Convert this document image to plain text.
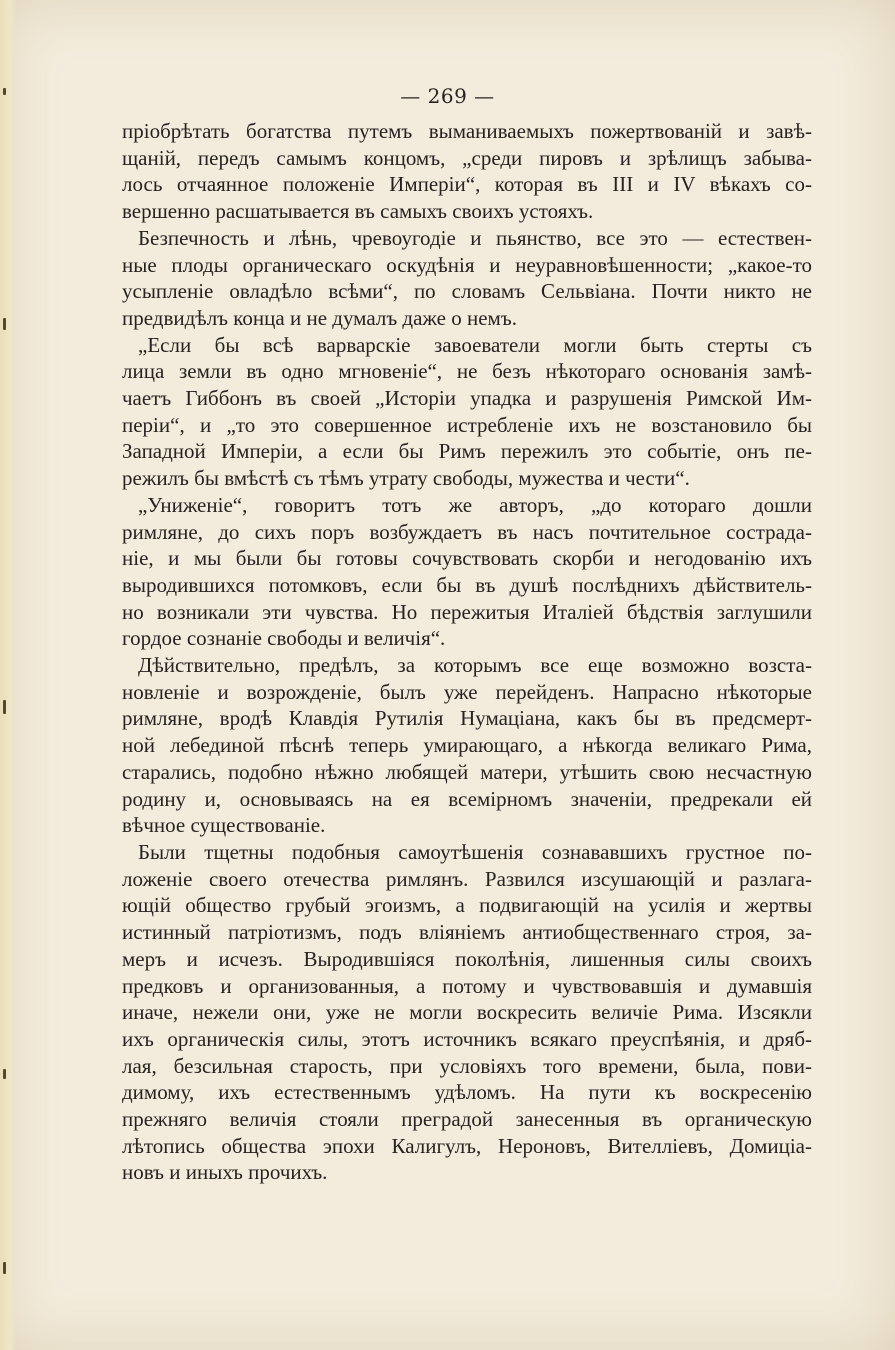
— 269 —
пріобрѣтать богатства путемъ выманиваемыхъ пожертвованій и завѣ-
щаній, передъ самымъ концомъ, „среди пировъ и зрѣлищъ забыва-
лось отчаянное положеніе Имперіи“, которая въ III и IV вѣкахъ со-
вершенно расшатывается въ самыхъ своихъ устояхъ.
Безпечность и лѣнь, чревоугодіе и пьянство, все это — естествен-
ные плоды органическаго оскудѣнія и неуравновѣшенности; „какое-то
усыпленіе овладѣло всѣми“, по словамъ Сельвіана. Почти никто не
предвидѣлъ конца и не думалъ даже о немъ.
„Если бы всѣ варварскіе завоеватели могли быть стерты съ
лица земли въ одно мгновеніе“, не безъ нѣкотораго основанія замѣ-
чаетъ Гиббонъ въ своей „Исторіи упадка и разрушенія Римской Им-
періи“, и „то это совершенное истребленіе ихъ не возстановило бы
Западной Имперіи, а если бы Римъ пережилъ это событіе, онъ пе-
режилъ бы вмѣстѣ съ тѣмъ утрату свободы, мужества и чести“.
„Униженіе“, говоритъ тотъ же авторъ, „до котораго дошли
римляне, до сихъ поръ возбуждаетъ въ насъ почтительное сострада-
ніе, и мы были бы готовы сочувствовать скорби и негодованію ихъ
выродившихся потомковъ, если бы въ душѣ послѣднихъ дѣйствитель-
но возникали эти чувства. Но пережитыя Италіей бѣдствія заглушили
гордое сознаніе свободы и величія“.
Дѣйствительно, предѣлъ, за которымъ все еще возможно возста-
новленіе и возрожденіе, былъ уже перейденъ. Напрасно нѣкоторые
римляне, вродѣ Клавдія Рутилія Нумаціана, какъ бы въ предсмерт-
ной лебединой пѣснѣ теперь умирающаго, а нѣкогда великаго Рима,
старались, подобно нѣжно любящей матери, утѣшить свою несчастную
родину и, основываясь на ея всемірномъ значеніи, предрекали ей
вѣчное существованіе.
Были тщетны подобныя самоутѣшенія сознававшихъ грустное по-
ложеніе своего отечества римлянъ. Развился изсушающій и разлага-
ющій общество грубый эгоизмъ, а подвигающій на усилія и жертвы
истинный патріотизмъ, подъ вліяніемъ антиобщественнаго строя, за-
меръ и исчезъ. Выродившіяся поколѣнія, лишенныя силы своихъ
предковъ и организованныя, а потому и чувствовавшія и думавшія
иначе, нежели они, уже не могли воскресить величіе Рима. Изсякли
ихъ органическія силы, этотъ источникъ всякаго преуспѣянія, и дряб-
лая, безсильная старость, при условіяхъ того времени, была, пови-
димому, ихъ естественнымъ удѣломъ. На пути къ воскресенію
прежняго величія стояли преградой занесенныя въ органическую
лѣтопись общества эпохи Калигулъ, Нероновъ, Вителліевъ, Домиціа-
новъ и иныхъ прочихъ.
